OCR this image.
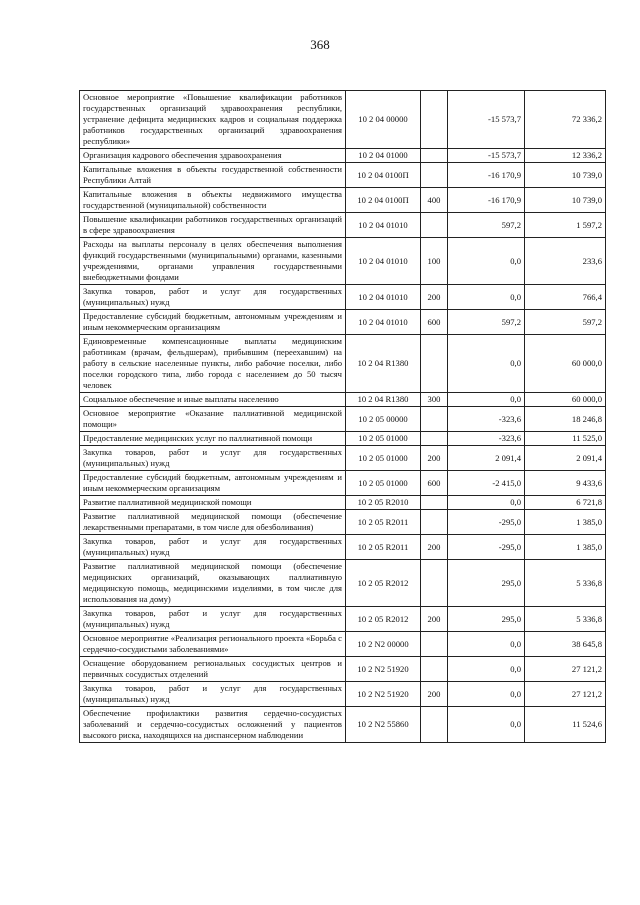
368
Основное мероприятие «Повышение квалификации работников государственных организаций здравоохранения республики, устранение дефицита медицинских кадров и социальная поддержка работников государственных организаций здравоохранения республики»	10 2 04 00000		-15 573,7	72 336,2
Организация кадрового обеспечения здравоохранения	10 2 04 01000		-15 573,7	12 336,2
Капитальные вложения в объекты государственной собственности Республики Алтай	10 2 04 0100П		-16 170,9	10 739,0
Капитальные вложения в объекты недвижимого имущества государственной (муниципальной) собственности	10 2 04 0100П	400	-16 170,9	10 739,0
Повышение квалификации работников государственных организаций в сфере здравоохранения	10 2 04 01010		597,2	1 597,2
Расходы на выплаты персоналу в целях обеспечения выполнения функций государственными (муниципальными) органами, казенными учреждениями, органами управления государственными внебюджетными фондами	10 2 04 01010	100	0,0	233,6
Закупка товаров, работ и услуг для государственных (муниципальных) нужд	10 2 04 01010	200	0,0	766,4
Предоставление субсидий бюджетным, автономным учреждениям и иным некоммерческим организациям	10 2 04 01010	600	597,2	597,2
Единовременные компенсационные выплаты медицинским работникам (врачам, фельдшерам), прибывшим (переехавшим) на работу в сельские населенные пункты, либо рабочие поселки, либо поселки городского типа, либо города с населением до 50 тысяч человек	10 2 04 R1380		0,0	60 000,0
Социальное обеспечение и иные выплаты населению	10 2 04 R1380	300	0,0	60 000,0
Основное мероприятие «Оказание паллиативной медицинской помощи»	10 2 05 00000		-323,6	18 246,8
Предоставление медицинских услуг по паллиативной помощи	10 2 05 01000		-323,6	11 525,0
Закупка товаров, работ и услуг для государственных (муниципальных) нужд	10 2 05 01000	200	2 091,4	2 091,4
Предоставление субсидий бюджетным, автономным учреждениям и иным некоммерческим организациям	10 2 05 01000	600	-2 415,0	9 433,6
Развитие паллиативной медицинской помощи	10 2 05 R2010		0,0	6 721,8
Развитие паллиативной медицинской помощи (обеспечение лекарственными препаратами, в том числе для обезболивания)	10 2 05 R2011		-295,0	1 385,0
Закупка товаров, работ и услуг для государственных (муниципальных) нужд	10 2 05 R2011	200	-295,0	1 385,0
Развитие паллиативной медицинской помощи (обеспечение медицинских организаций, оказывающих паллиативную медицинскую помощь, медицинскими изделиями, в том числе для использования на дому)	10 2 05 R2012		295,0	5 336,8
Закупка товаров, работ и услуг для государственных (муниципальных) нужд	10 2 05 R2012	200	295,0	5 336,8
Основное мероприятие «Реализация регионального проекта «Борьба с сердечно-сосудистыми заболеваниями»	10 2 N2 00000		0,0	38 645,8
Оснащение оборудованием региональных сосудистых центров и первичных сосудистых отделений	10 2 N2 51920		0,0	27 121,2
Закупка товаров, работ и услуг для государственных (муниципальных) нужд	10 2 N2 51920	200	0,0	27 121,2
Обеспечение профилактики развития сердечно-сосудистых заболеваний и сердечно-сосудистых осложнений у пациентов высокого риска, находящихся на диспансерном наблюдении	10 2 N2 55860		0,0	11 524,6
